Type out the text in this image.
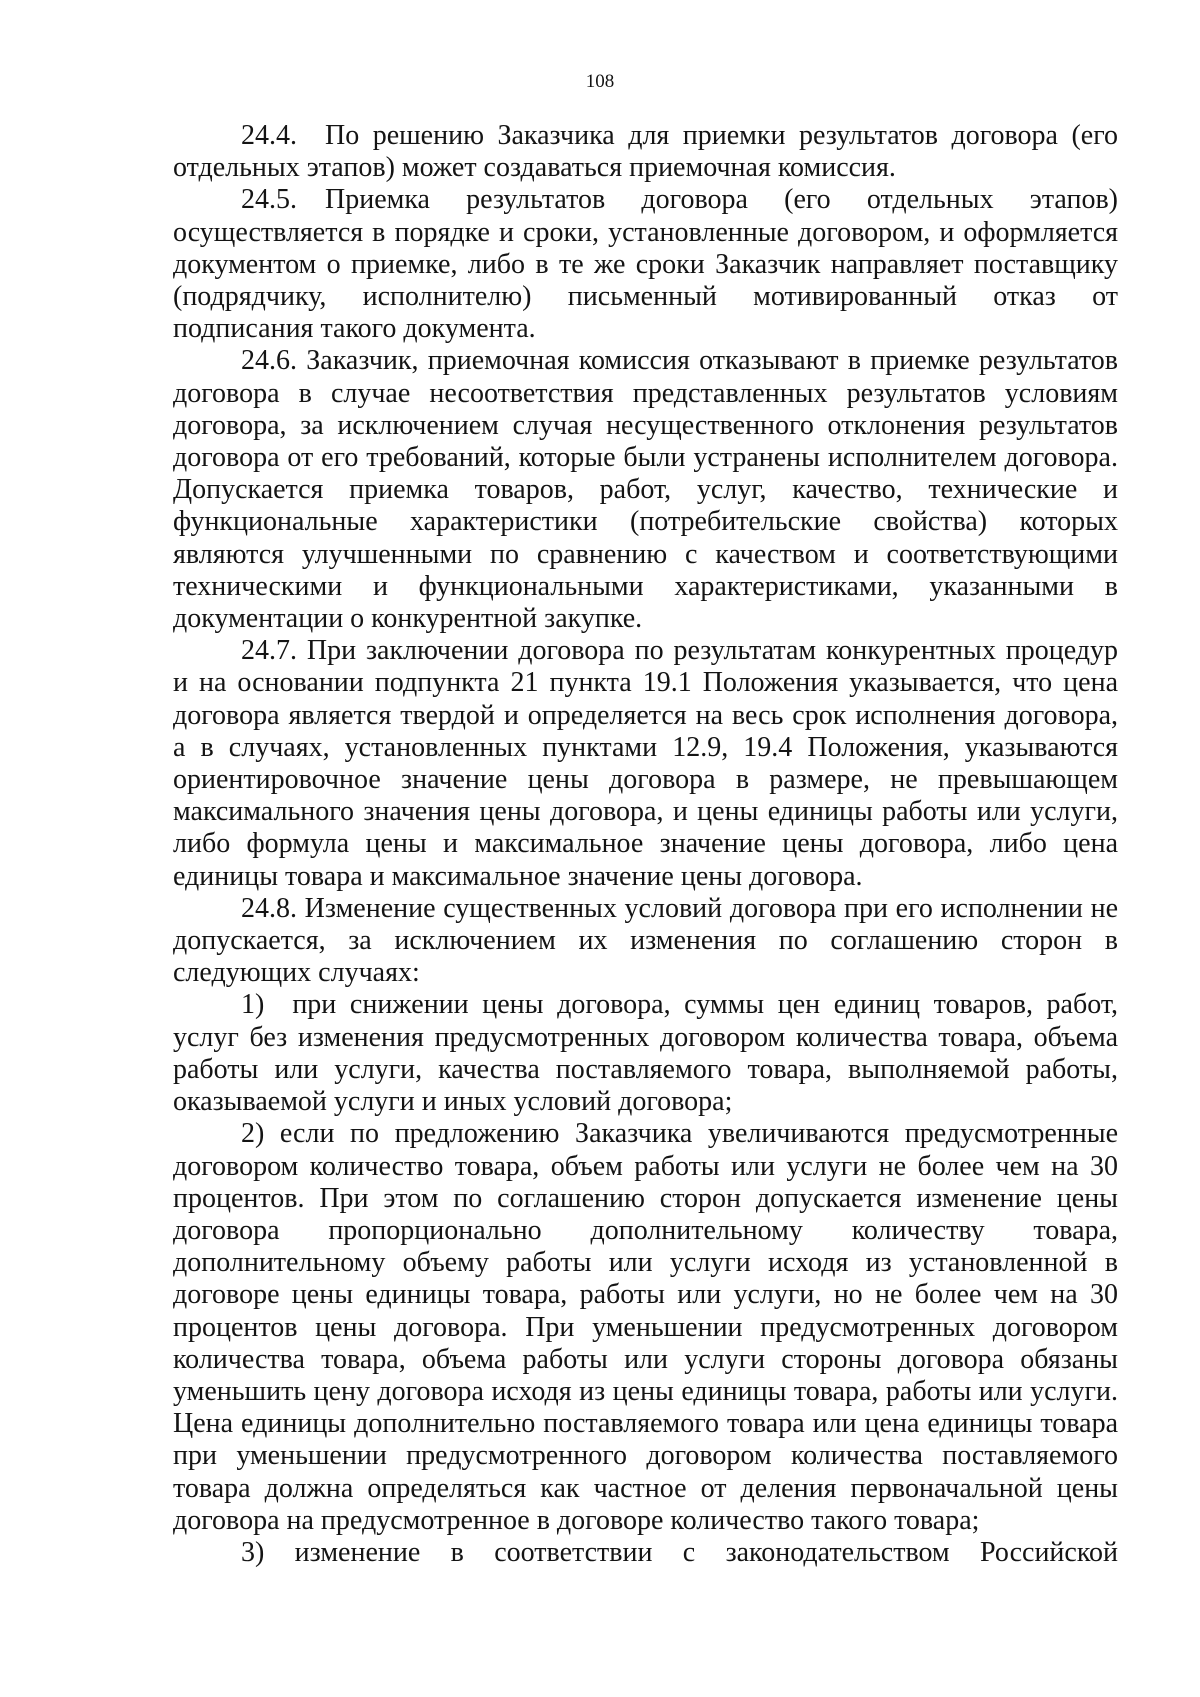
108

24.4. По решению Заказчика для приемки результатов договора (его отдельных этапов) может создаваться приемочная комиссия.

24.5. Приемка результатов договора (его отдельных этапов) осуществляется в порядке и сроки, установленные договором, и оформляется документом о приемке, либо в те же сроки Заказчик направляет поставщику (подрядчику, исполнителю) письменный мотивированный отказ от подписания такого документа.

24.6. Заказчик, приемочная комиссия отказывают в приемке результатов договора в случае несоответствия представленных результатов условиям договора, за исключением случая несущественного отклонения результатов договора от его требований, которые были устранены исполнителем договора. Допускается приемка товаров, работ, услуг, качество, технические и функциональные характеристики (потребительские свойства) которых являются улучшенными по сравнению с качеством и соответствующими техническими и функциональными характеристиками, указанными в документации о конкурентной закупке.

24.7. При заключении договора по результатам конкурентных процедур и на основании подпункта 21 пункта 19.1 Положения указывается, что цена договора является твердой и определяется на весь срок исполнения договора, а в случаях, установленных пунктами 12.9, 19.4 Положения, указываются ориентировочное значение цены договора в размере, не превышающем максимального значения цены договора, и цены единицы работы или услуги, либо формула цены и максимальное значение цены договора, либо цена единицы товара и максимальное значение цены договора.

24.8. Изменение существенных условий договора при его исполнении не допускается, за исключением их изменения по соглашению сторон в следующих случаях:

1) при снижении цены договора, суммы цен единиц товаров, работ, услуг без изменения предусмотренных договором количества товара, объема работы или услуги, качества поставляемого товара, выполняемой работы, оказываемой услуги и иных условий договора;

2) если по предложению Заказчика увеличиваются предусмотренные договором количество товара, объем работы или услуги не более чем на 30 процентов. При этом по соглашению сторон допускается изменение цены договора пропорционально дополнительному количеству товара, дополнительному объему работы или услуги исходя из установленной в договоре цены единицы товара, работы или услуги, но не более чем на 30 процентов цены договора. При уменьшении предусмотренных договором количества товара, объема работы или услуги стороны договора обязаны уменьшить цену договора исходя из цены единицы товара, работы или услуги. Цена единицы дополнительно поставляемого товара или цена единицы товара при уменьшении предусмотренного договором количества поставляемого товара должна определяться как частное от деления первоначальной цены договора на предусмотренное в договоре количество такого товара;

3) изменение в соответствии с законодательством Российской
